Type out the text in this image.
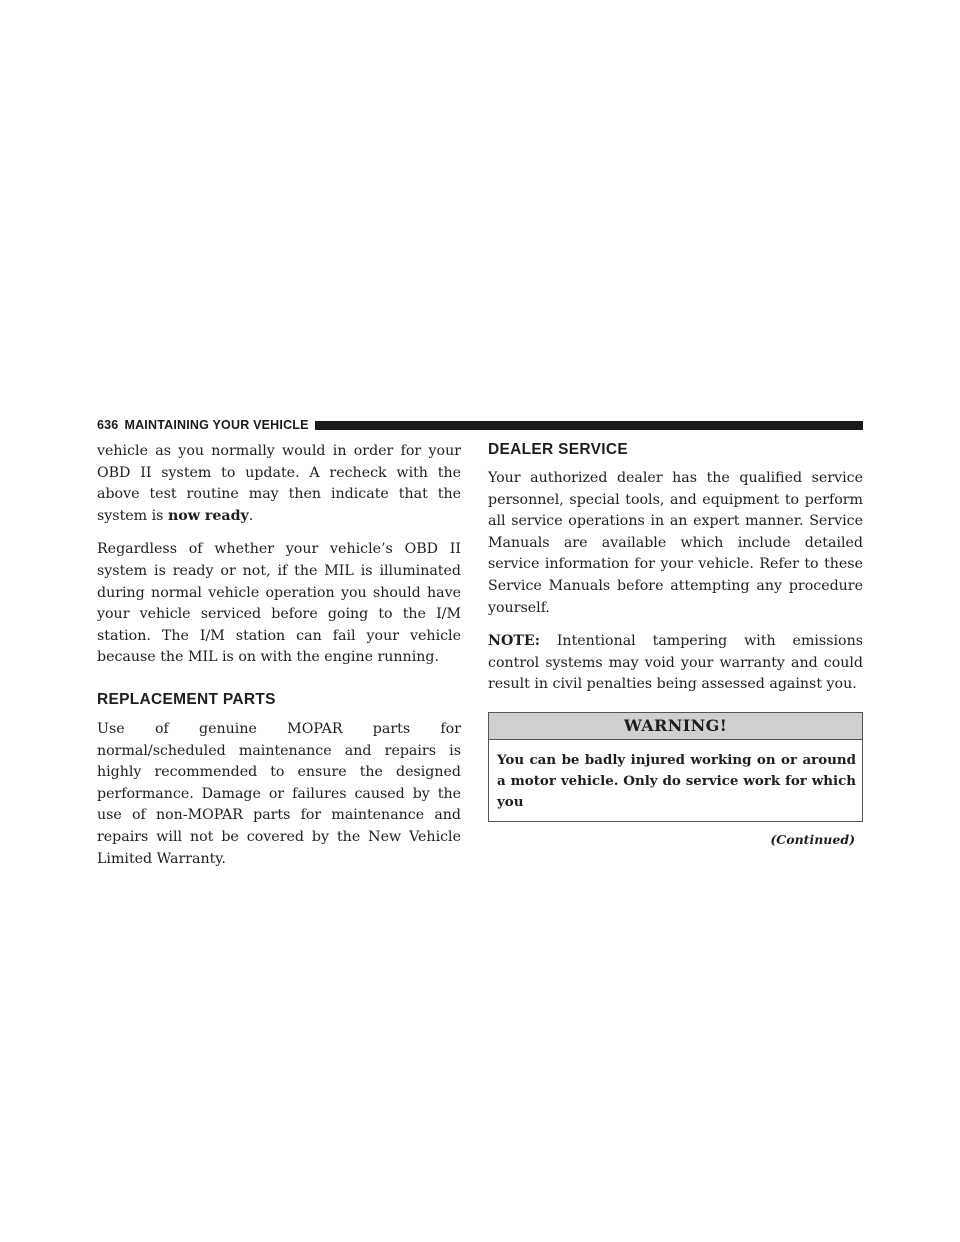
636 MAINTAINING YOUR VEHICLE

vehicle as you normally would in order for your OBD II system to update. A recheck with the above test routine may then indicate that the system is now ready.

Regardless of whether your vehicle’s OBD II system is ready or not, if the MIL is illuminated during normal vehicle operation you should have your vehicle serviced before going to the I/M station. The I/M station can fail your vehicle because the MIL is on with the engine running.

REPLACEMENT PARTS

Use of genuine MOPAR parts for normal/scheduled maintenance and repairs is highly recommended to ensure the designed performance. Damage or failures caused by the use of non-MOPAR parts for maintenance and repairs will not be covered by the New Vehicle Limited Warranty.

DEALER SERVICE

Your authorized dealer has the qualified service personnel, special tools, and equipment to perform all service operations in an expert manner. Service Manuals are available which include detailed service information for your vehicle. Refer to these Service Manuals before attempting any procedure yourself.

NOTE: Intentional tampering with emissions control systems may void your warranty and could result in civil penalties being assessed against you.

WARNING!
You can be badly injured working on or around a motor vehicle. Only do service work for which you
(Continued)
